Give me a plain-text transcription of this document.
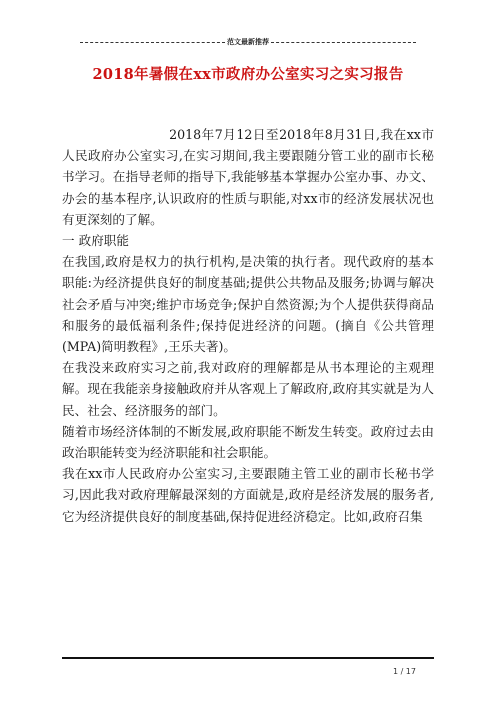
范文最新推荐
2018年暑假在xx市政府办公室实习之实习报告

2018年7月12日至2018年8月31日,我在xx市人民政府办公室实习,在实习期间,我主要跟随分管工业的副市长秘书学习。在指导老师的指导下,我能够基本掌握办公室办事、办文、办会的基本程序,认识政府的性质与职能,对xx市的经济发展状况也有更深刻的了解。

一 政府职能

在我国,政府是权力的执行机构,是决策的执行者。现代政府的基本职能:为经济提供良好的制度基础;提供公共物品及服务;协调与解决社会矛盾与冲突;维护市场竞争;保护自然资源;为个人提供获得商品和服务的最低福利条件;保持促进经济的问题。(摘自《公共管理(MPA)简明教程》,王乐夫著)。

在我没来政府实习之前,我对政府的理解都是从书本理论的主观理解。现在我能亲身接触政府并从客观上了解政府,政府其实就是为人民、社会、经济服务的部门。

随着市场经济体制的不断发展,政府职能不断发生转变。政府过去由政治职能转变为经济职能和社会职能。

我在xx市人民政府办公室实习,主要跟随主管工业的副市长秘书学习,因此我对政府理解最深刻的方面就是,政府是经济发展的服务者,它为经济提供良好的制度基础,保持促进经济稳定。比如,政府召集

1 / 17
